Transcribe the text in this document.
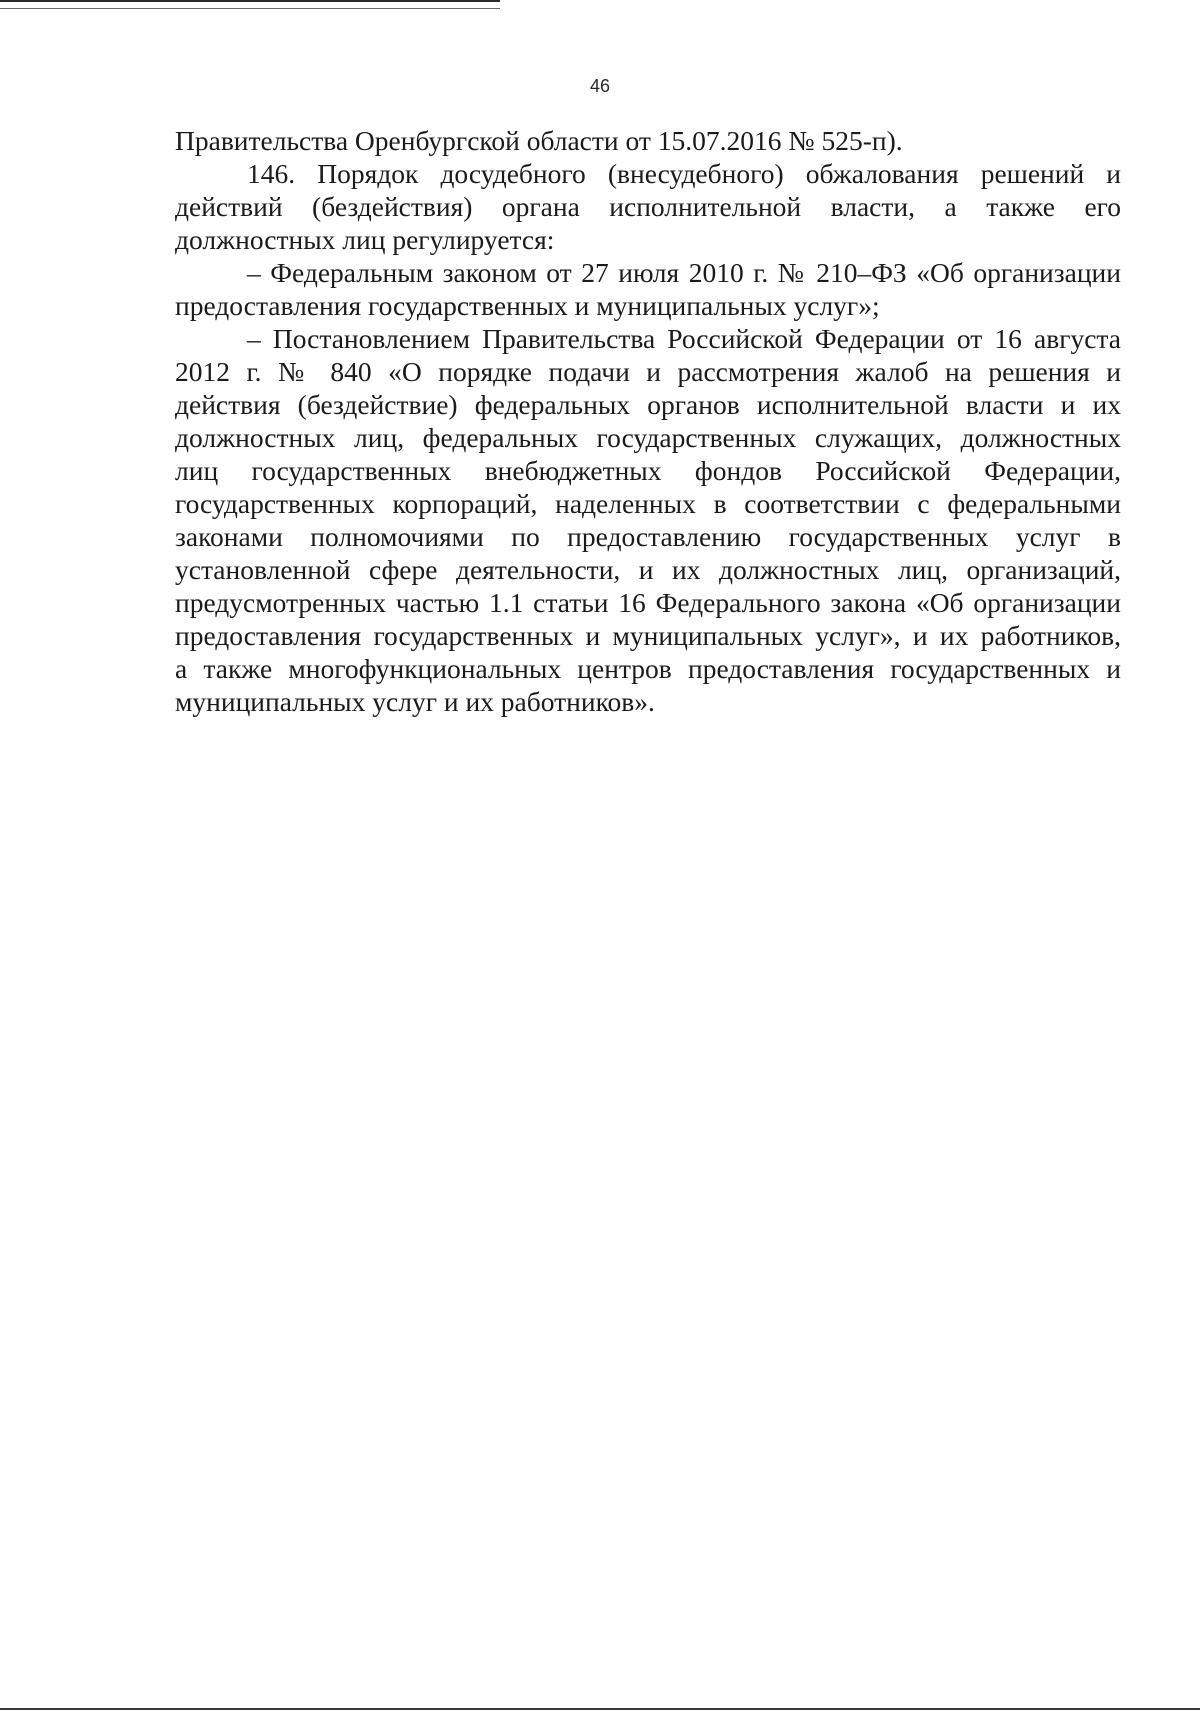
46
Правительства Оренбургской области от 15.07.2016 № 525-п).
146. Порядок досудебного (внесудебного) обжалования решений и
действий (бездействия) органа исполнительной власти, а также его
должностных лиц регулируется:
– Федеральным законом от 27 июля 2010 г. № 210–ФЗ «Об организации
предоставления государственных и муниципальных услуг»;
– Постановлением Правительства Российской Федерации от 16 августа
2012 г. № 840 «О порядке подачи и рассмотрения жалоб на решения и
действия (бездействие) федеральных органов исполнительной власти и их
должностных лиц, федеральных государственных служащих, должностных
лиц государственных внебюджетных фондов Российской Федерации,
государственных корпораций, наделенных в соответствии с федеральными
законами полномочиями по предоставлению государственных услуг в
установленной сфере деятельности, и их должностных лиц, организаций,
предусмотренных частью 1.1 статьи 16 Федерального закона «Об организации
предоставления государственных и муниципальных услуг», и их работников,
а также многофункциональных центров предоставления государственных и
муниципальных услуг и их работников».
